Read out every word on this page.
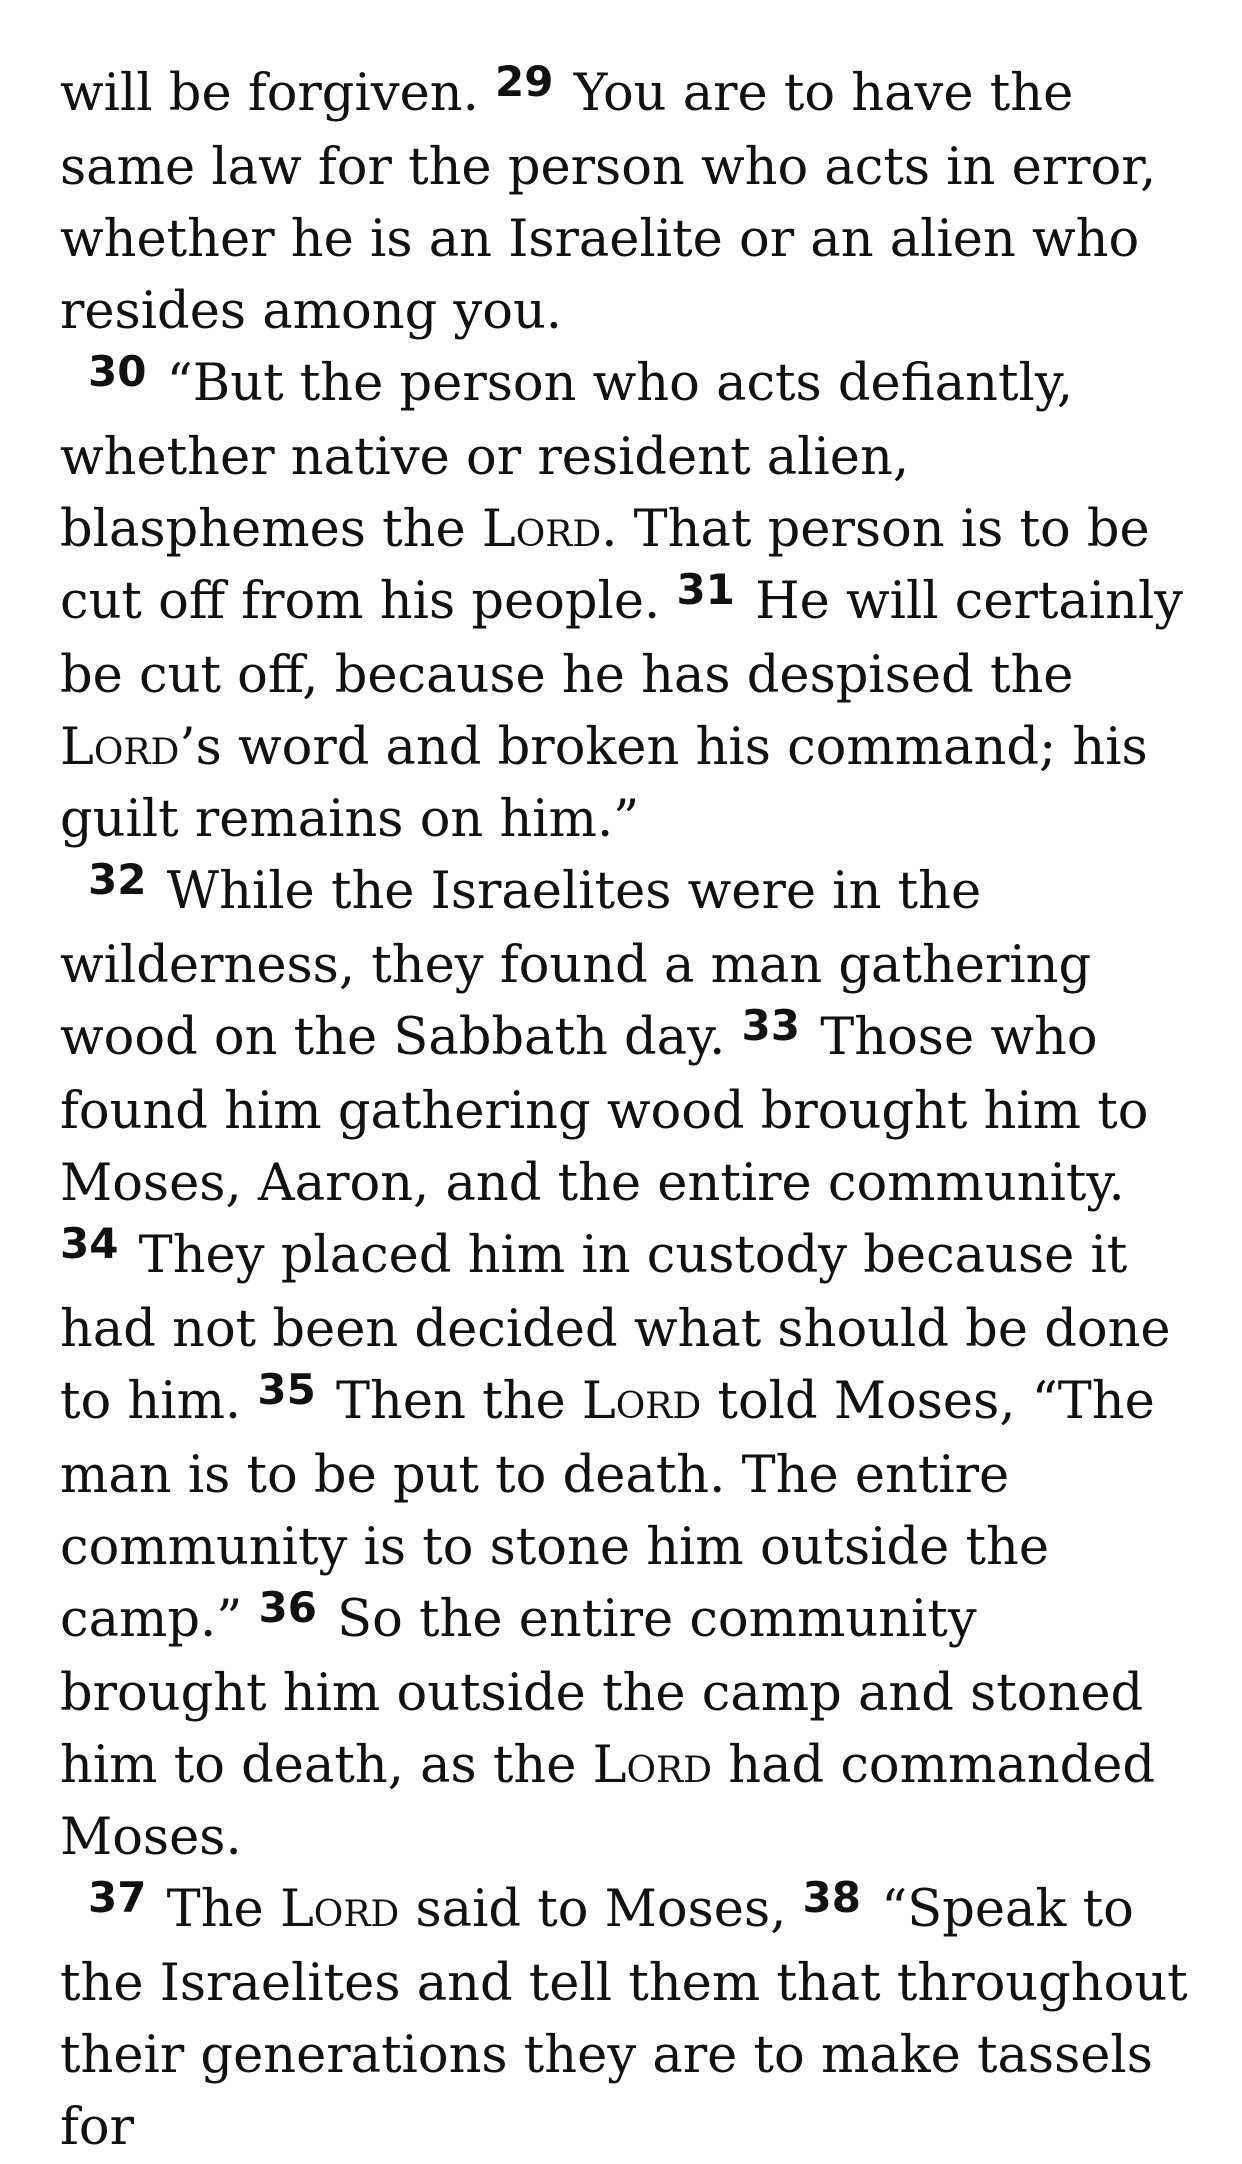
will be forgiven. $^{29}$ You are to have the same law for the person who acts in error, whether he is an Israelite or an alien who resides among you.

$^{30}$ “But the person who acts defiantly, whether native or resident alien, blasphemes the Lord. That person is to be cut off from his people. $^{31}$ He will certainly be cut off, because he has despised the Lord’s word and broken his command; his guilt remains on him.”

$^{32}$ While the Israelites were in the wilderness, they found a man gathering wood on the Sabbath day. $^{33}$ Those who found him gathering wood brought him to Moses, Aaron, and the entire community. $^{34}$ They placed him in custody because it had not been decided what should be done to him. $^{35}$ Then the Lord told Moses, “The man is to be put to death. The entire community is to stone him outside the camp.” $^{36}$ So the entire community brought him outside the camp and stoned him to death, as the Lord had commanded Moses.

$^{37}$ The Lord said to Moses, $^{38}$ “Speak to the Israelites and tell them that throughout their generations they are to make tassels for
